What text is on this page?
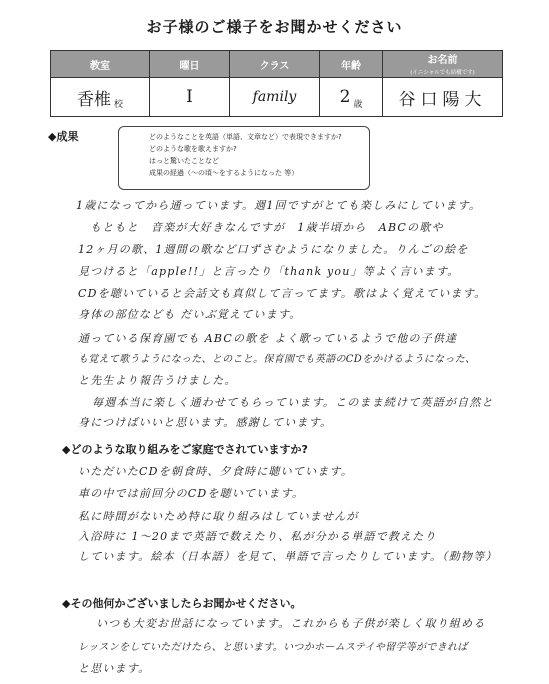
お子様のご様子をお聞かせください
教室	曜日	クラス	年齢	お名前
(イニシャルでも結構です)

香椎 校	Ⅰ	family	2 歳	谷口陽大
◆成果	どのようなことを英語（単語、文章など）で表現できますか?
どのような歌を歌えますか?
はっと驚いたことなど
成果の経過（〜の頃〜をするようになった 等）
1歳になってから通っています。週1回ですがとても楽しみにしています。
もともと　音楽が大好きなんですが　1歳半頃から　ABCの歌や
12ヶ月の歌、1週間の歌など口ずさむようになりました。りんごの絵を
見つけると「apple!!」と言ったり「thank you」等よく言います。
CDを聴いていると会話文も真似して言ってます。歌はよく覚えています。
身体の部位なども だいぶ覚えています。
通っている保育園でも ABCの歌を よく歌っているようで他の子供達
も覚えて歌うようになった、とのこと。保育園でも英語のCDをかけるようになった、
と先生より報告うけました。
毎週本当に楽しく通わせてもらっています。このまま続けて英語が自然と
身につけばいいと思います。感謝しています。
◆どのような取り組みをご家庭でされていますか?
いただいたCDを朝食時、夕食時に聴いています。
車の中では前回分のCDを聴いています。
私に時間がないため特に取り組みはしていませんが
入浴時に 1〜20まで英語で数えたり、私が分かる単語で教えたり
しています。絵本（日本語）を見て、単語で言ったりしています。（動物等）
◆その他何かございましたらお聞かせください。
いつも大変お世話になっています。これからも子供が楽しく取り組める
レッスンをしていただけたら、と思います。いつかホームステイや留学等ができれば
と思います。
